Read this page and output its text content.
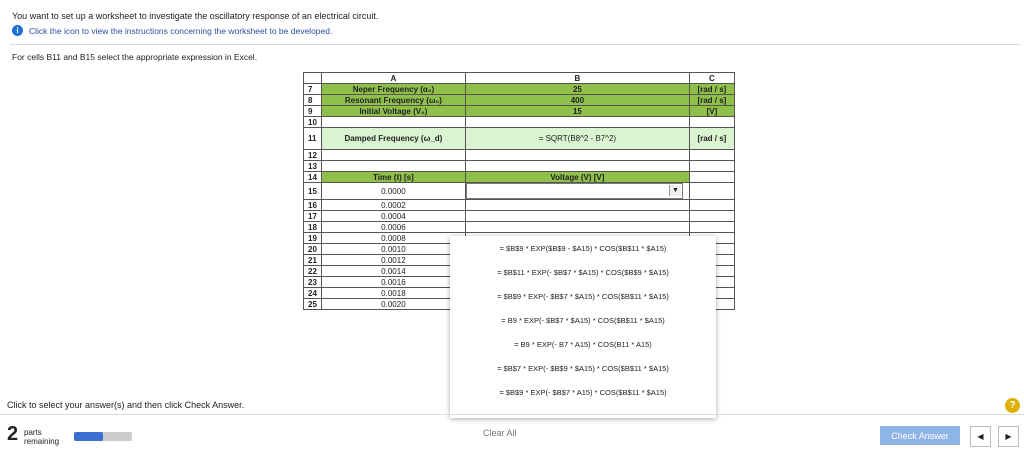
You want to set up a worksheet to investigate the oscillatory response of an electrical circuit.
i	Click the icon to view the instructions concerning the worksheet to be developed.
For cells B11 and B15 select the appropriate expression in Excel.
	A	B	C
7	Neper Frequency (α₀)	25	[rad / s]
8	Resonant Frequency (ω₀)	400	[rad / s]
9	Initial Voltage (V₀)	15	[V]
10			
11	Damped Frequency (ω_d)	= SQRT(B8^2 - B7^2)	[rad / s]
12			
13			
14	Time (t) [s]	Voltage (V) [V]	
15	0.0000	▼	

16	0.0002		
17	0.0004		
18	0.0006		
19	0.0008		
20	0.0010		
21	0.0012		
22	0.0014		
23	0.0016		
24	0.0018		
25	0.0020		
= $B$9 * EXP($B$9 - $A15) * COS($B$11 * $A15)
= $B$11 * EXP(- $B$7 * $A15) * COS($B$9 * $A15)
= $B$9 * EXP(- $B$7 * $A15) * COS($B$11 * $A15)
= B9 * EXP(- $B$7 * $A15) * COS($B$11 * $A15)
= B9 * EXP(- B7 * A15) * COS(B11 * A15)
= $B$7 * EXP(- $B$9 * $A15) * COS($B$11 * $A15)
= $B$9 * EXP(- $B$7 * A15) * COS($B$11 * $A15)
Click to select your answer(s) and then click Check Answer.	?
2 parts
remaining
Clear All	Check Answer	◀	▶
